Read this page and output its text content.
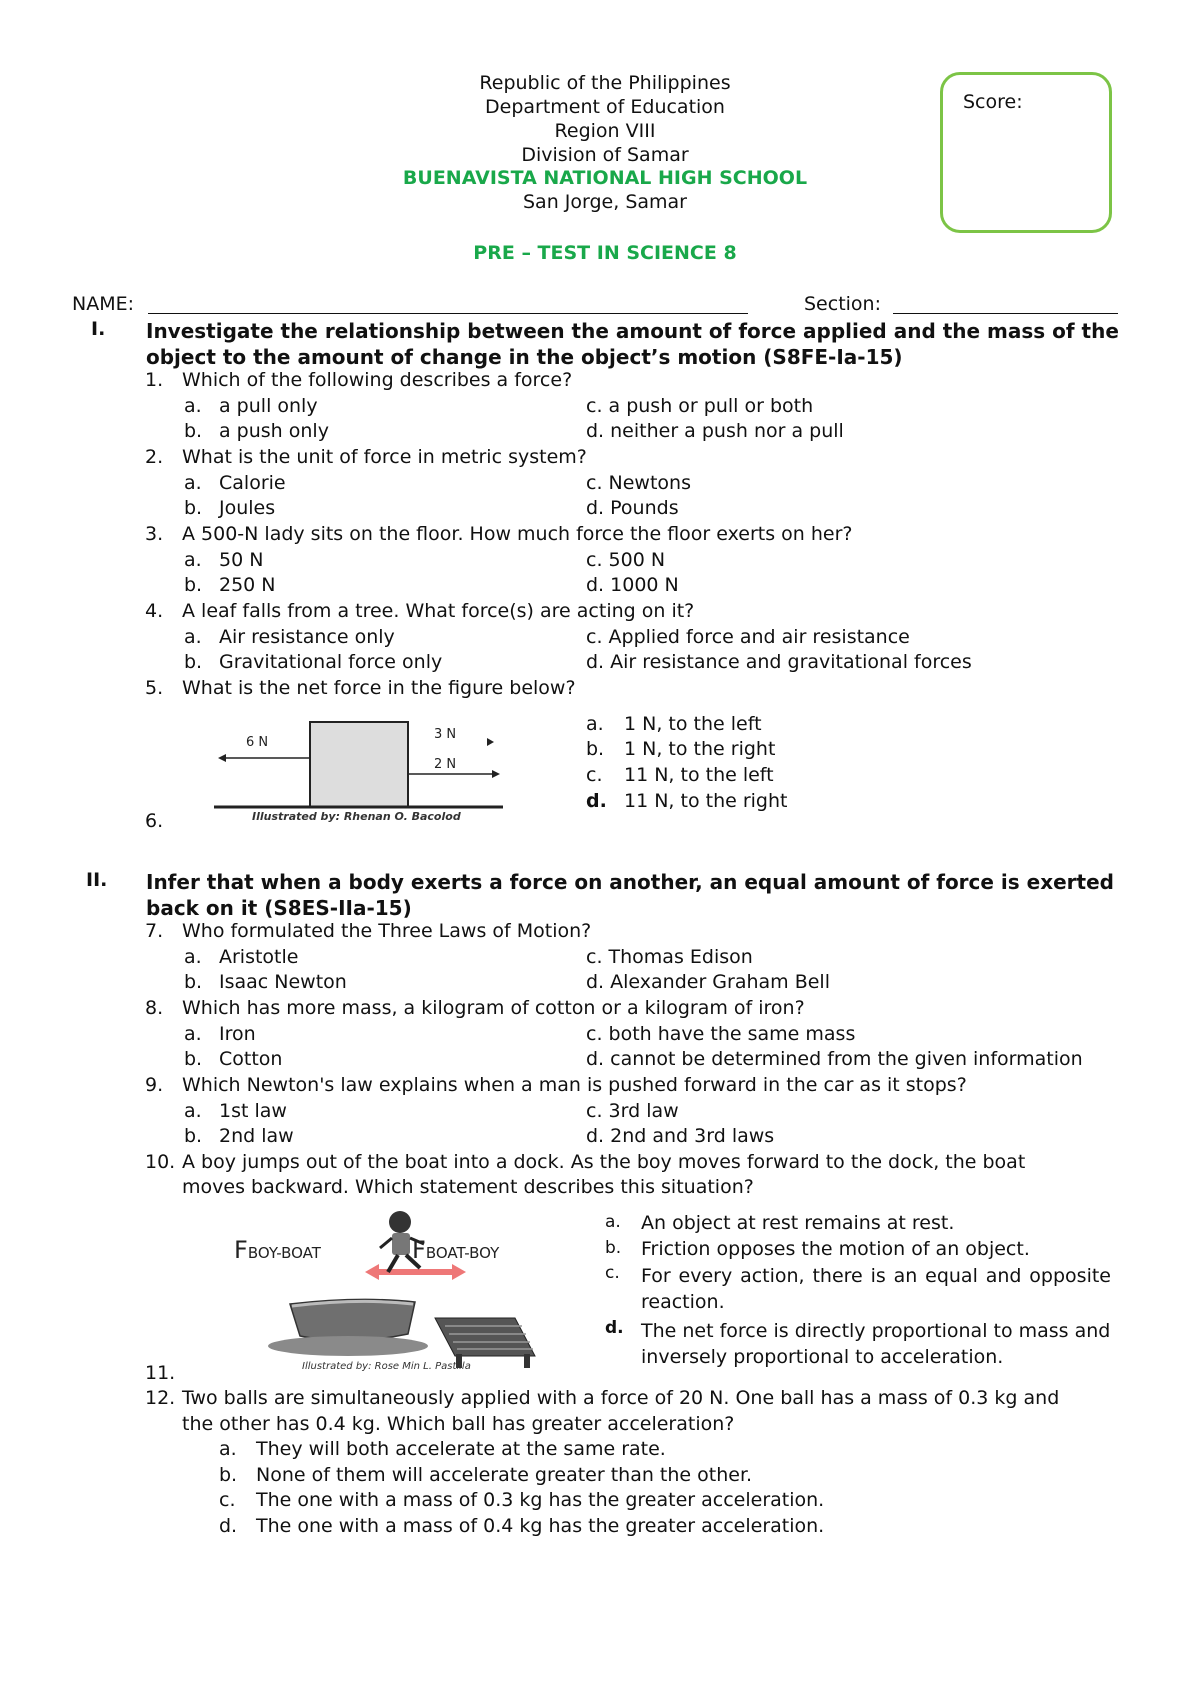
Republic of the Philippines
Department of Education
Region VIII
Division of Samar
BUENAVISTA NATIONAL HIGH SCHOOL
San Jorge, Samar
PRE – TEST IN SCIENCE 8
Score:
NAME:	Section:
I. Investigate the relationship between the amount of force applied and the mass of the object to the amount of change in the object’s motion (S8FE-Ia-15)
1. Which of the following describes a force?
a. a pull only	c. a push or pull or both
b. a push only	d. neither a push nor a pull
2. What is the unit of force in metric system?
a. Calorie	c. Newtons
b. Joules	d. Pounds
3. A 500-N lady sits on the floor. How much force the floor exerts on her?
a. 50 N	c. 500 N
b. 250 N	d. 1000 N
4. A leaf falls from a tree. What force(s) are acting on it?
a. Air resistance only	c. Applied force and air resistance
b. Gravitational force only	d. Air resistance and gravitational forces
5. What is the net force in the figure below?
6 N
3 N
2 N
Illustrated by: Rhenan O. Bacolod
a. 1 N, to the left
b. 1 N, to the right
c. 11 N, to the left
d. 11 N, to the right
6.
II. Infer that when a body exerts a force on another, an equal amount of force is exerted back on it (S8ES-IIa-15)
7. Who formulated the Three Laws of Motion?
a. Aristotle	c. Thomas Edison
b. Isaac Newton	d. Alexander Graham Bell
8. Which has more mass, a kilogram of cotton or a kilogram of iron?
a. Iron	c. both have the same mass
b. Cotton	d. cannot be determined from the given information
9. Which Newton's law explains when a man is pushed forward in the car as it stops?
a. 1st law	c. 3rd law
b. 2nd law	d. 2nd and 3rd laws
10. A boy jumps out of the boat into a dock. As the boy moves forward to the dock, the boat
moves backward. Which statement describes this situation?
FBOY-BOAT	FBOAT-BOY
Illustrated by: Rose Min L. Pastilla
a. An object at rest remains at rest.
b. Friction opposes the motion of an object.
c. For every action, there is an equal and opposite reaction.
d. The net force is directly proportional to mass and inversely proportional to acceleration.
11.
12. Two balls are simultaneously applied with a force of 20 N. One ball has a mass of 0.3 kg and
the other has 0.4 kg. Which ball has greater acceleration?
a. They will both accelerate at the same rate.
b. None of them will accelerate greater than the other.
c. The one with a mass of 0.3 kg has the greater acceleration.
d. The one with a mass of 0.4 kg has the greater acceleration.
